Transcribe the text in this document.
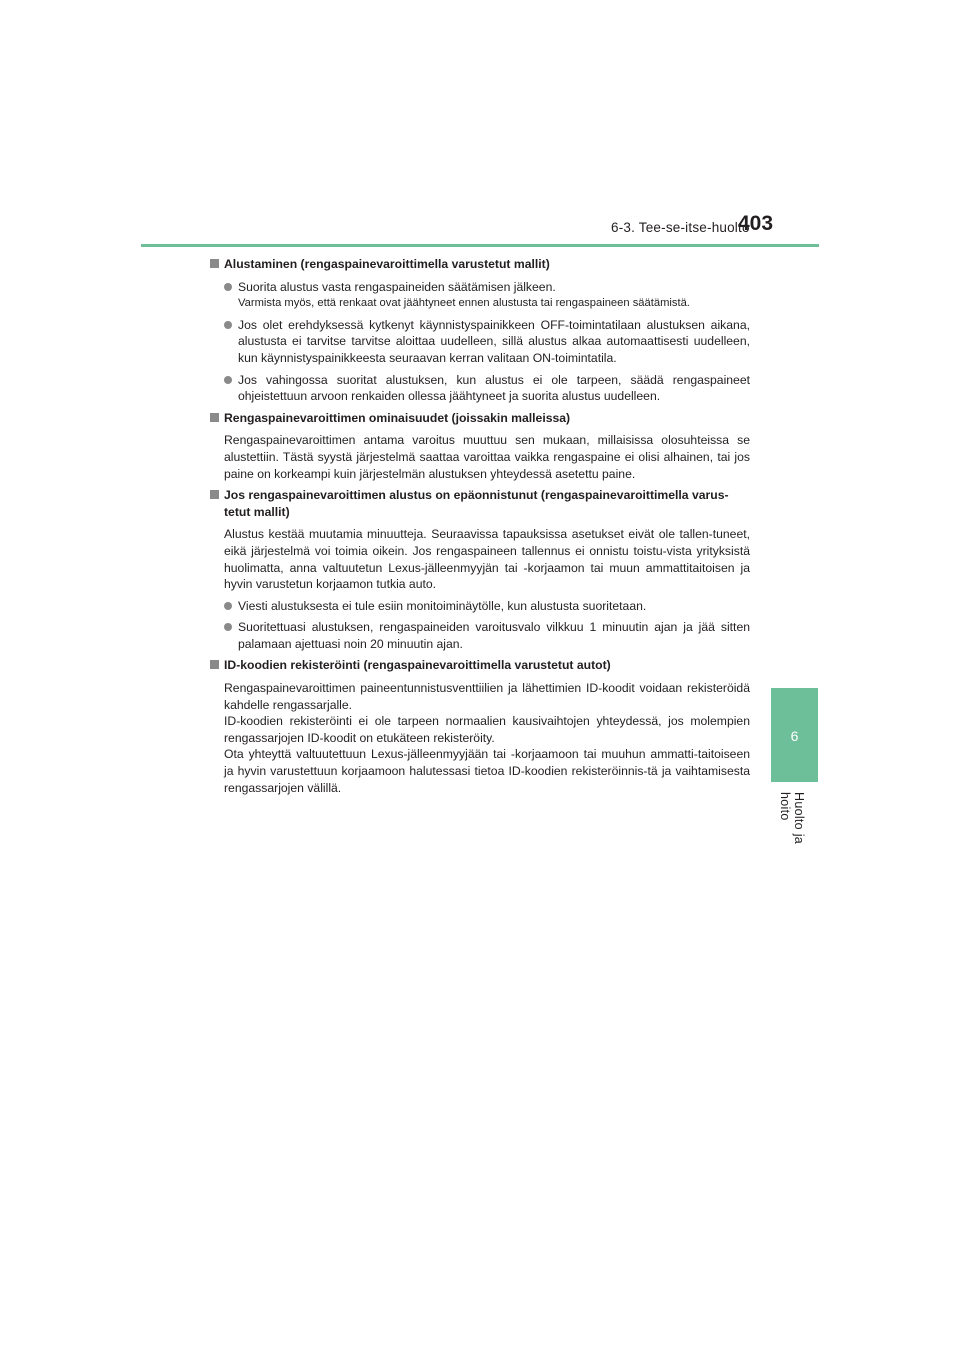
6-3. Tee-se-itse-huolto
403
6
Huolto ja hoito
Alustaminen (rengaspainevaroittimella varustetut mallit)
Suorita alustus vasta rengaspaineiden säätämisen jälkeen.
Varmista myös, että renkaat ovat jäähtyneet ennen alustusta tai rengaspaineen säätämistä.
Jos olet erehdyksessä kytkenyt käynnistyspainikkeen OFF-toimintatilaan alustuksen aikana, alustusta ei tarvitse tarvitse aloittaa uudelleen, sillä alustus alkaa automaattisesti uudelleen, kun käynnistyspainikkeesta seuraavan kerran valitaan ON-toimintatila.
Jos vahingossa suoritat alustuksen, kun alustus ei ole tarpeen, säädä rengaspaineet ohjeistettuun arvoon renkaiden ollessa jäähtyneet ja suorita alustus uudelleen.
Rengaspainevaroittimen ominaisuudet (joissakin malleissa)
Rengaspainevaroittimen antama varoitus muuttuu sen mukaan, millaisissa olosuhteissa se alustettiin. Tästä syystä järjestelmä saattaa varoittaa vaikka rengaspaine ei olisi alhainen, tai jos paine on korkeampi kuin järjestelmän alustuksen yhteydessä asetettu paine.
Jos rengaspainevaroittimen alustus on epäonnistunut (rengaspainevaroittimella varus-tetut mallit)
Alustus kestää muutamia minuutteja. Seuraavissa tapauksissa asetukset eivät ole tallen-tuneet, eikä järjestelmä voi toimia oikein. Jos rengaspaineen tallennus ei onnistu toistu-vista yrityksistä huolimatta, anna valtuutetun Lexus-jälleenmyyjän tai -korjaamon tai muun ammattitaitoisen ja hyvin varustetun korjaamon tutkia auto.
Viesti alustuksesta ei tule esiin monitoiminäytölle, kun alustusta suoritetaan.
Suoritettuasi alustuksen, rengaspaineiden varoitusvalo vilkkuu 1 minuutin ajan ja jää sitten palamaan ajettuasi noin 20 minuutin ajan.
ID-koodien rekisteröinti (rengaspainevaroittimella varustetut autot)
Rengaspainevaroittimen paineentunnistusventtiilien ja lähettimien ID-koodit voidaan rekisteröidä kahdelle rengassarjalle.
ID-koodien rekisteröinti ei ole tarpeen normaalien kausivaihtojen yhteydessä, jos molempien rengassarjojen ID-koodit on etukäteen rekisteröity.
Ota yhteyttä valtuutettuun Lexus-jälleenmyyjään tai -korjaamoon tai muuhun ammatti-taitoiseen ja hyvin varustettuun korjaamoon halutessasi tietoa ID-koodien rekisteröinnis-tä ja vaihtamisesta rengassarjojen välillä.
